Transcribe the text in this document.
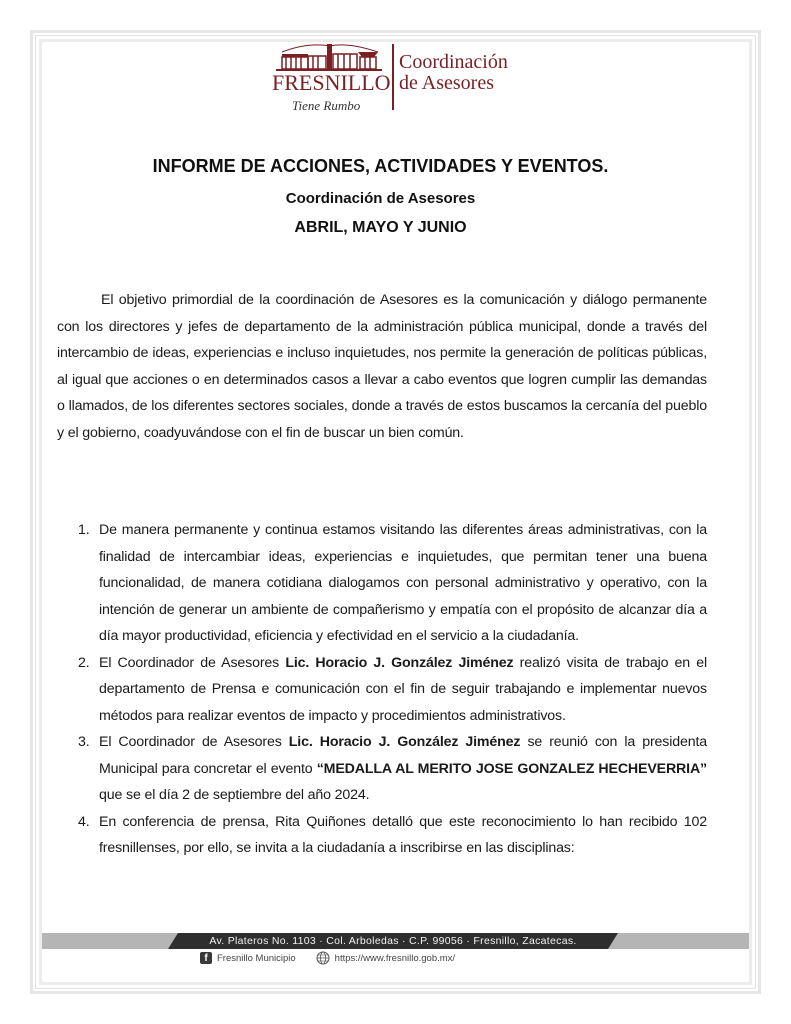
FRESNILLO
Tiene Rumbo
Coordinación
de Asesores
INFORME DE ACCIONES, ACTIVIDADES Y EVENTOS.
Coordinación de Asesores
ABRIL, MAYO Y JUNIO

El objetivo primordial de la coordinación de Asesores es la comunicación y diálogo permanente con los directores y jefes de departamento de la administración pública municipal, donde a través del intercambio de ideas, experiencias e incluso inquietudes, nos permite la generación de políticas públicas, al igual que acciones o en determinados casos a llevar a cabo eventos que logren cumplir las demandas o llamados, de los diferentes sectores sociales, donde a través de estos buscamos la cercanía del pueblo y el gobierno, coadyuvándose con el fin de buscar un bien común.

1. De manera permanente y continua estamos visitando las diferentes áreas administrativas, con la finalidad de intercambiar ideas, experiencias e inquietudes, que permitan tener una buena funcionalidad, de manera cotidiana dialogamos con personal administrativo y operativo, con la intención de generar un ambiente de compañerismo y empatía con el propósito de alcanzar día a día mayor productividad, eficiencia y efectividad en el servicio a la ciudadanía.
2. El Coordinador de Asesores Lic. Horacio J. González Jiménez realizó visita de trabajo en el departamento de Prensa e comunicación con el fin de seguir trabajando e implementar nuevos métodos para realizar eventos de impacto y procedimientos administrativos.
3. El Coordinador de Asesores Lic. Horacio J. González Jiménez se reunió con la presidenta Municipal para concretar el evento “MEDALLA AL MERITO JOSE GONZALEZ HECHEVERRIA” que se el día 2 de septiembre del año 2024.
4. En conferencia de prensa, Rita Quiñones detalló que este reconocimiento lo han recibido 102 fresnillenses, por ello, se invita a la ciudadanía a inscribirse en las disciplinas:
Av. Plateros No. 1103 · Col. Arboledas · C.P. 99056 · Fresnillo, Zacatecas.
f Fresnillo Municipio	https://www.fresnillo.gob.mx/
